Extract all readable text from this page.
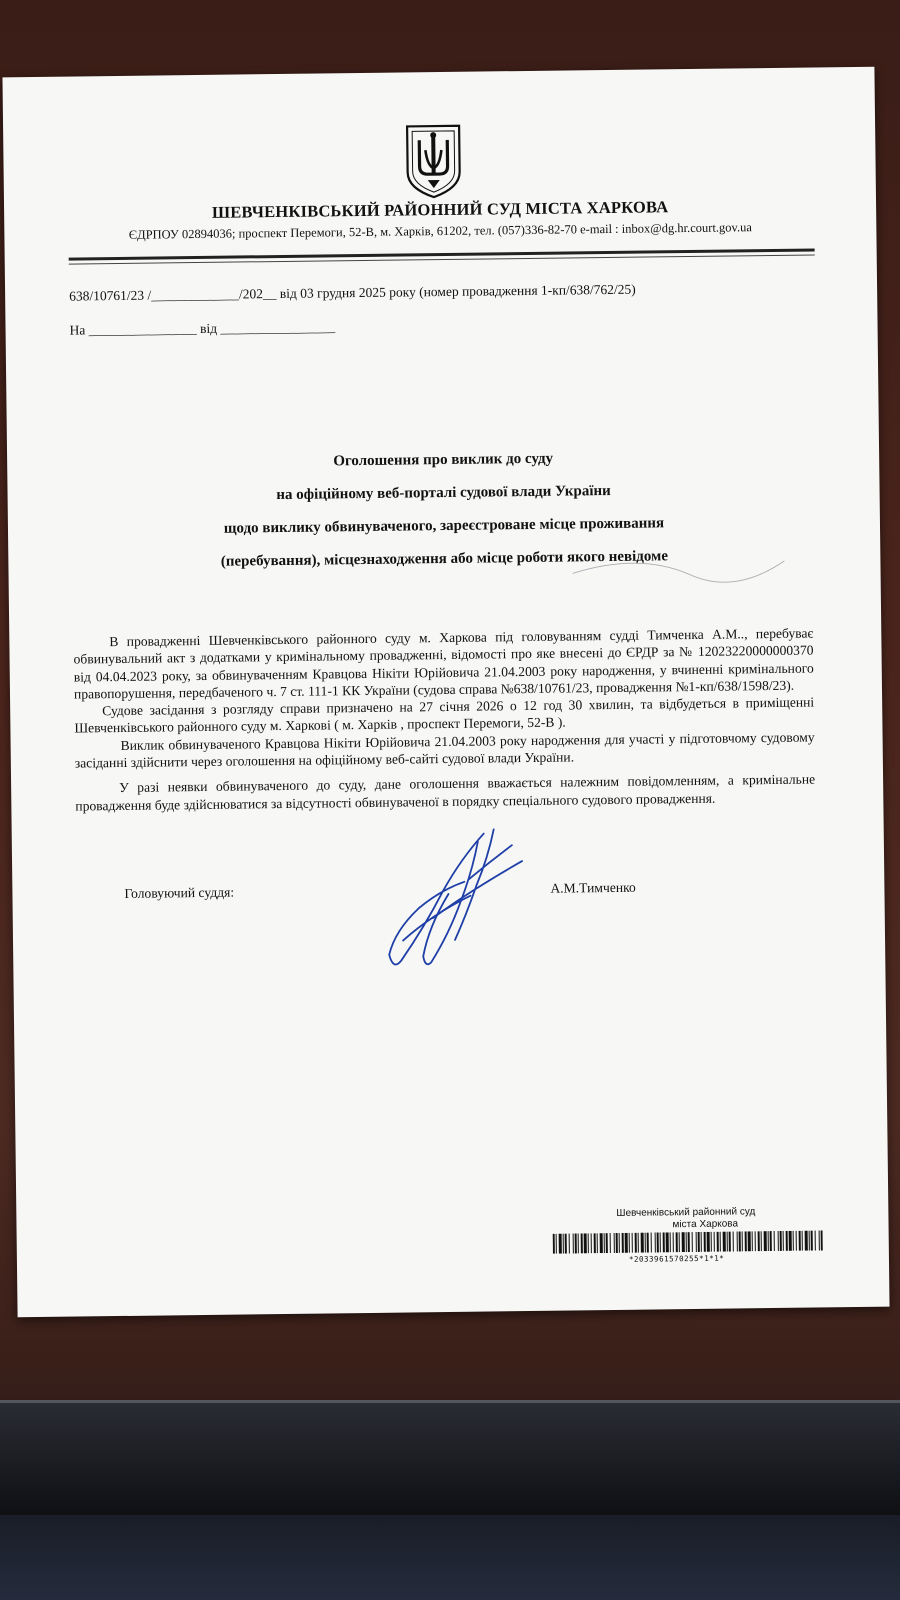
ШЕВЧЕНКІВСЬКИЙ РАЙОННИЙ СУД МІСТА ХАРКОВА
ЄДРПОУ 02894036; проспект Перемоги, 52-В, м. Харків, 61202, тел. (057)336-82-70 e-mail : inbox@dg.hr.court.gov.ua
638/10761/23 /_____________/202__ від 03 грудня 2025 року (номер провадження 1-кп/638/762/25)
На ________________ від _________________
Оголошення про виклик до суду
на офіційному веб-порталі судової влади України
щодо виклику обвинуваченого, зареєстроване місце проживання
(перебування), місцезнаходження або місце роботи якого невідоме

В провадженні Шевченківського районного суду м. Харкова під головуванням судді Тимченка А.М.., перебуває обвинувальний акт з додатками у кримінальному провадженні, відомості про яке внесені до ЄРДР за № 12023220000000370 від 04.04.2023 року, за обвинуваченням Кравцова Нікіти Юрійовича 21.04.2003 року народження, у вчиненні кримінального правопорушення, передбаченого ч. 7 ст. 111-1 КК України (судова справа №638/10761/23, провадження №1-кп/638/1598/23).

Судове засідання з розгляду справи призначено на 27 січня 2026 о 12 год 30 хвилин, та відбудеться в приміщенні Шевченківського районного суду м. Харкові ( м. Харків , проспект Перемоги, 52-В ).

Виклик обвинуваченого Кравцова Нікіти Юрійовича 21.04.2003 року народження для участі у підготовчому судовому засіданні здійснити через оголошення на офіційному веб-сайті судової влади України.

У разі неявки обвинуваченого до суду, дане оголошення вважається належним повідомленням, а кримінальне провадження буде здійснюватися за відсутності обвинуваченої в порядку спеціального судового провадження.

Головуючий суддя:	А.М.Тимченко
Шевченківський районний суд
міста Харкова
*2033961570255*1*1*
